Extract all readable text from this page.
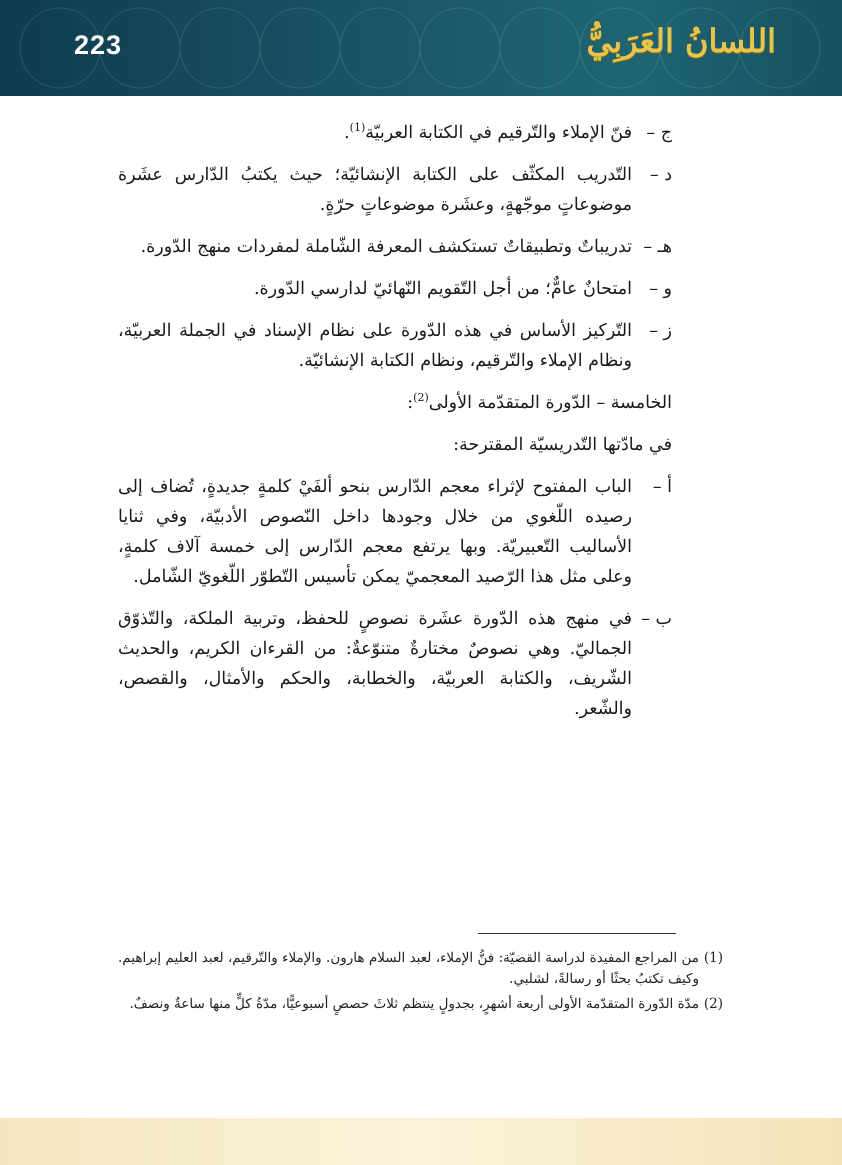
223	اللسانُ العَرَبِيُّ
ج –
فنّ الإملاء والتّرقيم في الكتابة العربيّة$^{(1)}$.
د –
التّدريب المكثّف على الكتابة الإنشائيّة؛ حيث يكتبُ الدّارس عشَرة موضوعاتٍ موجّهةٍ، وعشَرة موضوعاتٍ حرّةٍ.
هـ –
تدريباتٌ وتطبيقاتٌ تستكشف المعرفة الشّاملة لمفردات منهج الدّورة.
و –
امتحانٌ عامٌّ؛ من أجل التّقويم النّهائيّ لدارسي الدّورة.
ز –
التّركيز الأساس في هذه الدّورة على نظام الإسناد في الجملة العربيّة، ونظام الإملاء والتّرقيم، ونظام الكتابة الإنشائيّة.
الخامسة – الدّورة المتقدّمة الأولى$^{(2)}$:
في مادّتها التّدريسيّة المقترحة:
أ –
الباب المفتوح لإثراء معجم الدّارس بنحو ألفَيْ كلمةٍ جديدةٍ، تُضاف إلى رصيده اللّغوي من خلال وجودها داخل النّصوص الأدبيّة، وفي ثنايا الأساليب التّعبيريّة. وبها يرتفع معجم الدّارس إلى خمسة آلاف كلمةٍ، وعلى مثل هذا الرّصيد المعجميّ يمكن تأسيس التّطوّر اللّغويّ الشّامل.
ب –
في منهج هذه الدّورة عشَرة نصوصٍ للحفظ، وتربية الملكة، والتّذوّق الجماليّ. وهي نصوصٌ مختارةٌ متنوّعةٌ: من القرءان الكريم، والحديث الشّريف، والكتابة العربيّة، والخطابة، والحكم والأمثال، والقصص، والشّعر.
(1)
من المراجع المفيدة لدراسة القضيّة: فنُّ الإملاء، لعبد السلام هارون. والإملاء والتّرقيم، لعبد العليم إبراهيم. وكيف تكتبُ بحثًا أو رسالةً، لشلبي.
(2)
مدّة الدّورة المتقدّمة الأولى أربعة أشهرٍ، بجدولٍ ينتظم ثلاثَ حصصٍ أسبوعيًّا، مدّةُ كلٍّ منها ساعةٌ ونصفٌ.
